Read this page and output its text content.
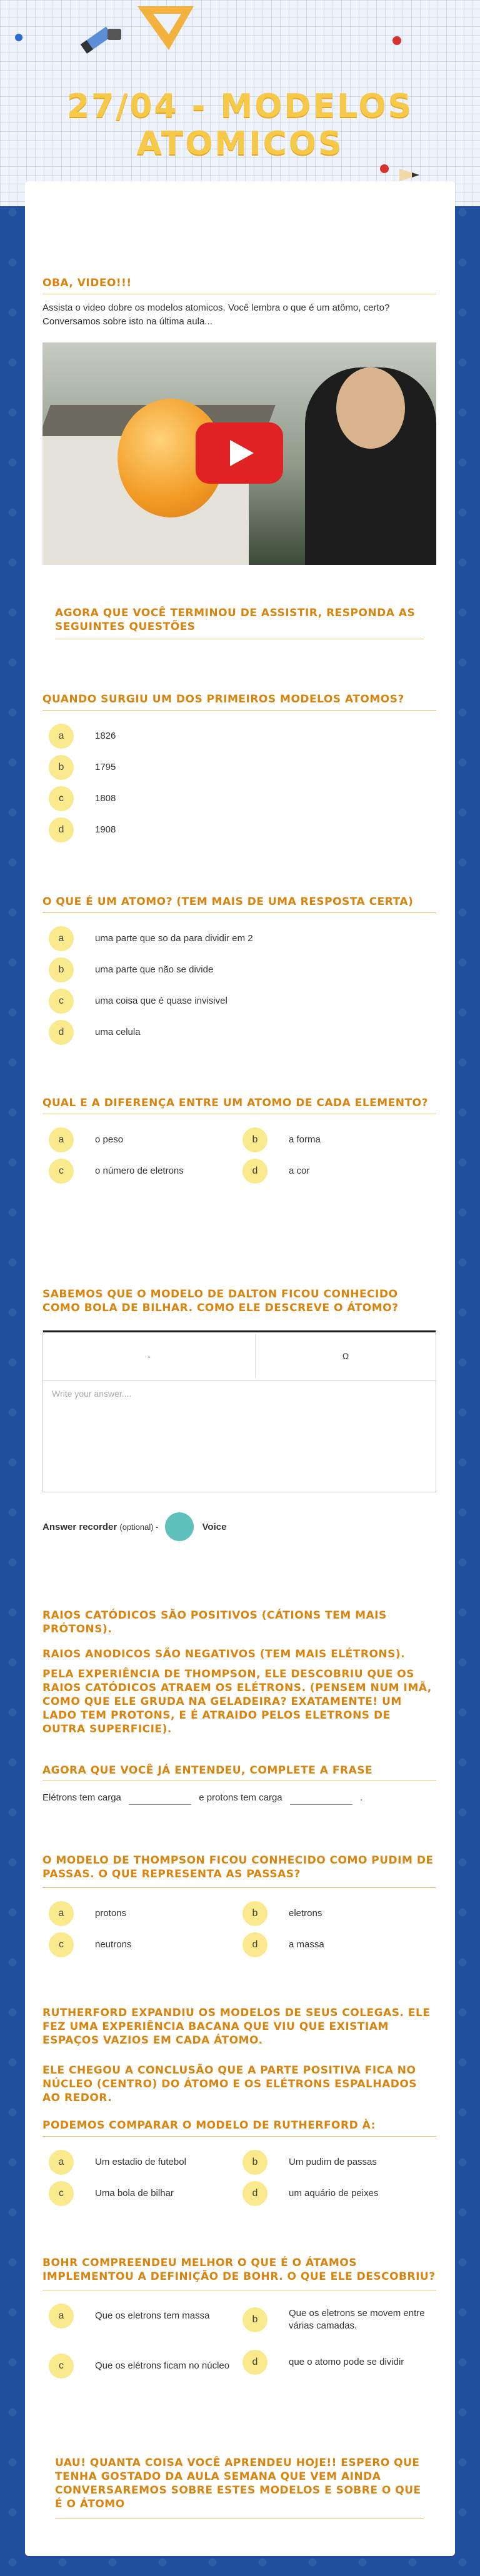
27/04 - MODELOS ATOMICOS
OBA, VIDEO!!!
Assista o video dobre os modelos atomicos. Você lembra o que é um atômo, certo? Conversamos sobre isto na última aula...
AGORA QUE VOCÊ TERMINOU DE ASSISTIR, RESPONDA AS SEGUINTES QUESTÕES
QUANDO SURGIU UM DOS PRIMEIROS MODELOS ATOMOS?
a	1826
b	1795
c	1808
d	1908
O QUE É UM ATOMO? (TEM MAIS DE UMA RESPOSTA CERTA)
a	uma parte que so da para dividir em 2
b	uma parte que não se divide
c	uma coisa que é quase invisivel
d	uma celula
QUAL E A DIFERENÇA ENTRE UM ATOMO DE CADA ELEMENTO?
a	o peso	b	a forma
c	o número de eletrons	d	a cor
SABEMOS QUE O MODELO DE DALTON FICOU CONHECIDO COMO BOLA DE BILHAR. COMO ELE DESCREVE O ÁTOMO?
-	Ω
Write your answer....
Answer recorder
(optional) -	Voice
RAIOS CATÓDICOS SÃO POSITIVOS (CÁTIONS TEM MAIS PRÓTONS).
RAIOS ANODICOS SÃO NEGATIVOS (TEM MAIS ELÉTRONS).
PELA EXPERIÊNCIA DE THOMPSON, ELE DESCOBRIU QUE OS RAIOS CATÓDICOS ATRAEM OS ELÉTRONS. (PENSEM NUM IMÃ, COMO QUE ELE GRUDA NA GELADEIRA? EXATAMENTE! UM LADO TEM PROTONS, E É ATRAIDO PELOS ELETRONS DE OUTRA SUPERFICIE).
AGORA QUE VOCÊ JÁ ENTENDEU, COMPLETE A FRASE
Elétrons tem carga	e protons tem carga	.
O MODELO DE THOMPSON FICOU CONHECIDO COMO PUDIM DE PASSAS. O QUE REPRESENTA AS PASSAS?
a	protons	b	eletrons
c	neutrons	d	a massa
RUTHERFORD EXPANDIU OS MODELOS DE SEUS COLEGAS. ELE FEZ UMA EXPERIÊNCIA BACANA QUE VIU QUE EXISTIAM ESPAÇOS VAZIOS EM CADA ÁTOMO.
ELE CHEGOU A CONCLUSÃO QUE A PARTE POSITIVA FICA NO NÚCLEO (CENTRO) DO ÁTOMO E OS ELÉTRONS ESPALHADOS AO REDOR.
PODEMOS COMPARAR O MODELO DE RUTHERFORD À:
a	Um estadio de futebol	b	Um pudim de passas
c	Uma bola de bilhar	d	um aquário de peixes
BOHR COMPREENDEU MELHOR O QUE É O ÁTAMOS IMPLEMENTOU A DEFINIÇÃO DE BOHR. O QUE ELE DESCOBRIU?
a	Que os eletrons tem massa	b
Que os eletrons se movem entre várias camadas.
c	Que os elétrons ficam no núcleo	d	que o atomo pode se dividir
UAU! QUANTA COISA VOCÊ APRENDEU HOJE!! ESPERO QUE TENHA GOSTADO DA AULA SEMANA QUE VEM AINDA CONVERSAREMOS SOBRE ESTES MODELOS E SOBRE O QUE É O ÁTOMO
